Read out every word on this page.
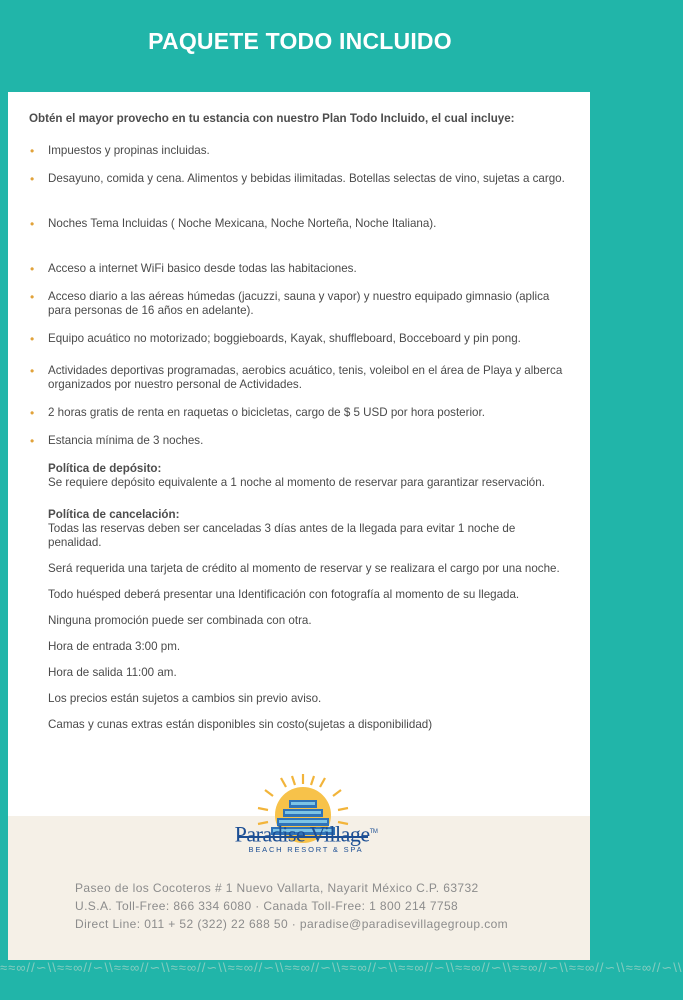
PAQUETE TODO INCLUIDO

Obtén el mayor provecho en tu estancia con nuestro Plan Todo Incluido, el cual incluye:

• Impuestos y propinas incluidas.
• Desayuno, comida y cena. Alimentos y bebidas ilimitadas. Botellas selectas de vino, sujetas a cargo.
• Noches Tema Incluidas ( Noche Mexicana, Noche Norteña, Noche Italiana).
• Acceso a internet WiFi basico desde todas las habitaciones.
• Acceso diario a las aéreas húmedas (jacuzzi, sauna y vapor) y nuestro equipado gimnasio (aplica para personas de 16 años en adelante).
• Equipo acuático no motorizado; boggieboards, Kayak, shuffleboard, Bocceboard y pin pong.
• Actividades deportivas programadas, aerobics acuático, tenis, voleibol en el área de Playa y alberca organizados por nuestro personal de Actividades.
• 2 horas gratis de renta en raquetas o bicicletas, cargo de $ 5 USD por hora posterior.
• Estancia mínima de 3 noches.
Política de depósito:
Se requiere depósito equivalente a 1 noche al momento de reservar para garantizar reservación.
Política de cancelación:
Todas las reservas deben ser canceladas 3 días antes de la llegada para evitar 1 noche de penalidad.

Será requerida una tarjeta de crédito al momento de reservar y se realizara el cargo por una noche.

Todo huésped deberá presentar una Identificación con fotografía al momento de su llegada.

Ninguna promoción puede ser combinada con otra.

Hora de entrada 3:00 pm.

Hora de salida 11:00 am.

Los precios están sujetos a cambios sin previo aviso.

Camas y cunas extras están disponibles sin costo(sujetas a disponibilidad)

Paradise Village™
BEACH RESORT & SPA
Paseo de los Cocoteros # 1 Nuevo Vallarta, Nayarit México C.P. 63732
U.S.A. Toll-Free: 866 334 6080 · Canada Toll-Free: 1 800 214 7758
Direct Line: 011 + 52 (322) 22 688 50 · paradise@paradisevillagegroup.com
≈≈∞//∽\\≈≈∞//∽\\≈≈∞//∽\\≈≈∞//∽\\≈≈∞//∽\\≈≈∞//∽\\≈≈∞//∽\\≈≈∞//∽\\≈≈∞//∽\\≈≈∞//∽\\≈≈∞//∽\\≈≈∞//∽\\
